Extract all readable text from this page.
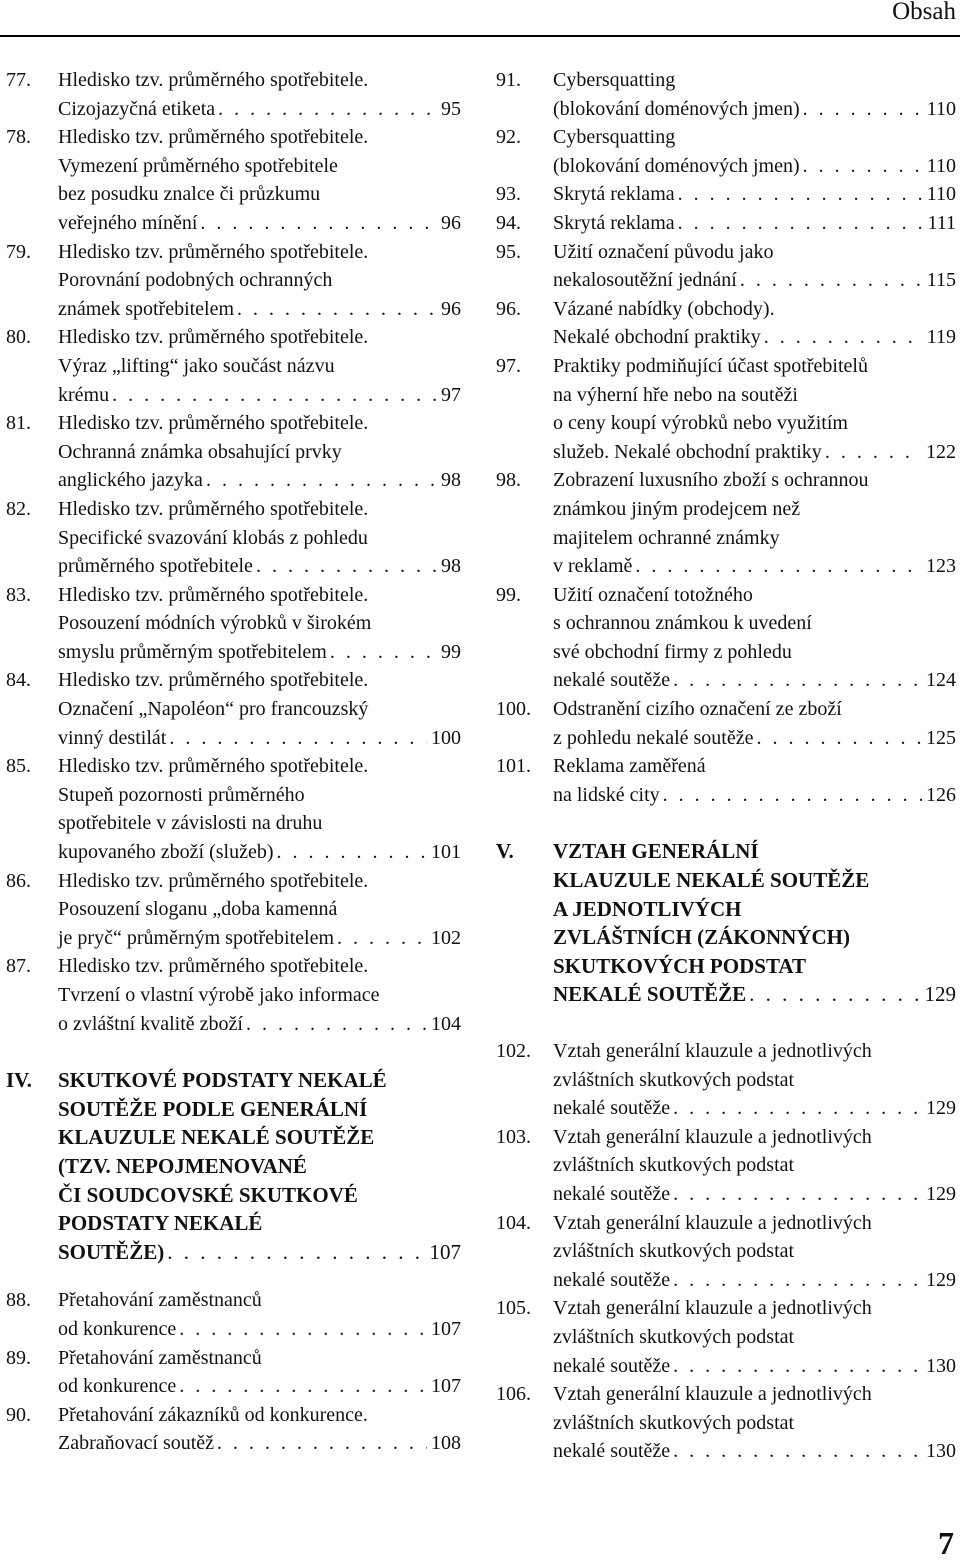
Obsah
77.	Hledisko tzv. průměrného spotřebitele.
Cizojazyčná etiketa . . .	95
78.	Hledisko tzv. průměrného spotřebitele.
Vymezení průměrného spotřebitele
bez posudku znalce či průzkumu
veřejného mínění . . .	96
79.	Hledisko tzv. průměrného spotřebitele.
Porovnání podobných ochranných
známek spotřebitelem . . .	96
80.	Hledisko tzv. průměrného spotřebitele.
Výraz „lifting“ jako součást názvu
krému . . .	97
81.	Hledisko tzv. průměrného spotřebitele.
Ochranná známka obsahující prvky
anglického jazyka . . .	98
82.	Hledisko tzv. průměrného spotřebitele.
Specifické svazování klobás z pohledu
průměrného spotřebitele . . .	98
83.	Hledisko tzv. průměrného spotřebitele.
Posouzení módních výrobků v širokém
smyslu průměrným spotřebitelem . . .	99
84.	Hledisko tzv. průměrného spotřebitele.
Označení „Napoléon“ pro francouzský
vinný destilát . . .	100
85.	Hledisko tzv. průměrného spotřebitele.
Stupeň pozornosti průměrného
spotřebitele v závislosti na druhu
kupovaného zboží (služeb) . . .	101
86.	Hledisko tzv. průměrného spotřebitele.
Posouzení sloganu „doba kamenná
je pryč“ průměrným spotřebitelem . . .	102
87.	Hledisko tzv. průměrného spotřebitele.
Tvrzení o vlastní výrobě jako informace
o zvláštní kvalitě zboží . . .	104
IV.	SKUTKOVÉ PODSTATY NEKALÉ
SOUTĚŽE PODLE GENERÁLNÍ
KLAUZULE NEKALÉ SOUTĚŽE
(TZV. NEPOJMENOVANÉ
ČI SOUDCOVSKÉ SKUTKOVÉ
PODSTATY NEKALÉ
SOUTĚŽE) . . .	107
88.	Přetahování zaměstnanců
od konkurence . . .	107
89.	Přetahování zaměstnanců
od konkurence . . .	107
90.	Přetahování zákazníků od konkurence.
Zabraňovací soutěž . . .	108
91.	Cybersquatting
(blokování doménových jmen) . . .	110
92.	Cybersquatting
(blokování doménových jmen) . . .	110
93.	Skrytá reklama . . .	110
94.	Skrytá reklama . . .	111
95.	Užití označení původu jako
nekalosoutěžní jednání . . .	115
96.	Vázané nabídky (obchody).
Nekalé obchodní praktiky . . .	119
97.	Praktiky podmiňující účast spotřebitelů
na výherní hře nebo na soutěži
o ceny koupí výrobků nebo využitím
služeb. Nekalé obchodní praktiky . . .	122
98.	Zobrazení luxusního zboží s ochrannou
známkou jiným prodejcem než
majitelem ochranné známky
v reklamě . . .	123
99.	Užití označení totožného
s ochrannou známkou k uvedení
své obchodní firmy z pohledu
nekalé soutěže . . .	124
100.	Odstranění cizího označení ze zboží
z pohledu nekalé soutěže . . .	125
101.	Reklama zaměřená
na lidské city . . .	126
V.	VZTAH GENERÁLNÍ
KLAUZULE NEKALÉ SOUTĚŽE
A JEDNOTLIVÝCH
ZVLÁŠTNÍCH (ZÁKONNÝCH)
SKUTKOVÝCH PODSTAT
NEKALÉ SOUTĚŽE . . .	129
102.	Vztah generální klauzule a jednotlivých
zvláštních skutkových podstat
nekalé soutěže . . .	129
103.	Vztah generální klauzule a jednotlivých
zvláštních skutkových podstat
nekalé soutěže . . .	129
104.	Vztah generální klauzule a jednotlivých
zvláštních skutkových podstat
nekalé soutěže . . .	129
105.	Vztah generální klauzule a jednotlivých
zvláštních skutkových podstat
nekalé soutěže . . .	130
106.	Vztah generální klauzule a jednotlivých
zvláštních skutkových podstat
nekalé soutěže . . .	130
7
